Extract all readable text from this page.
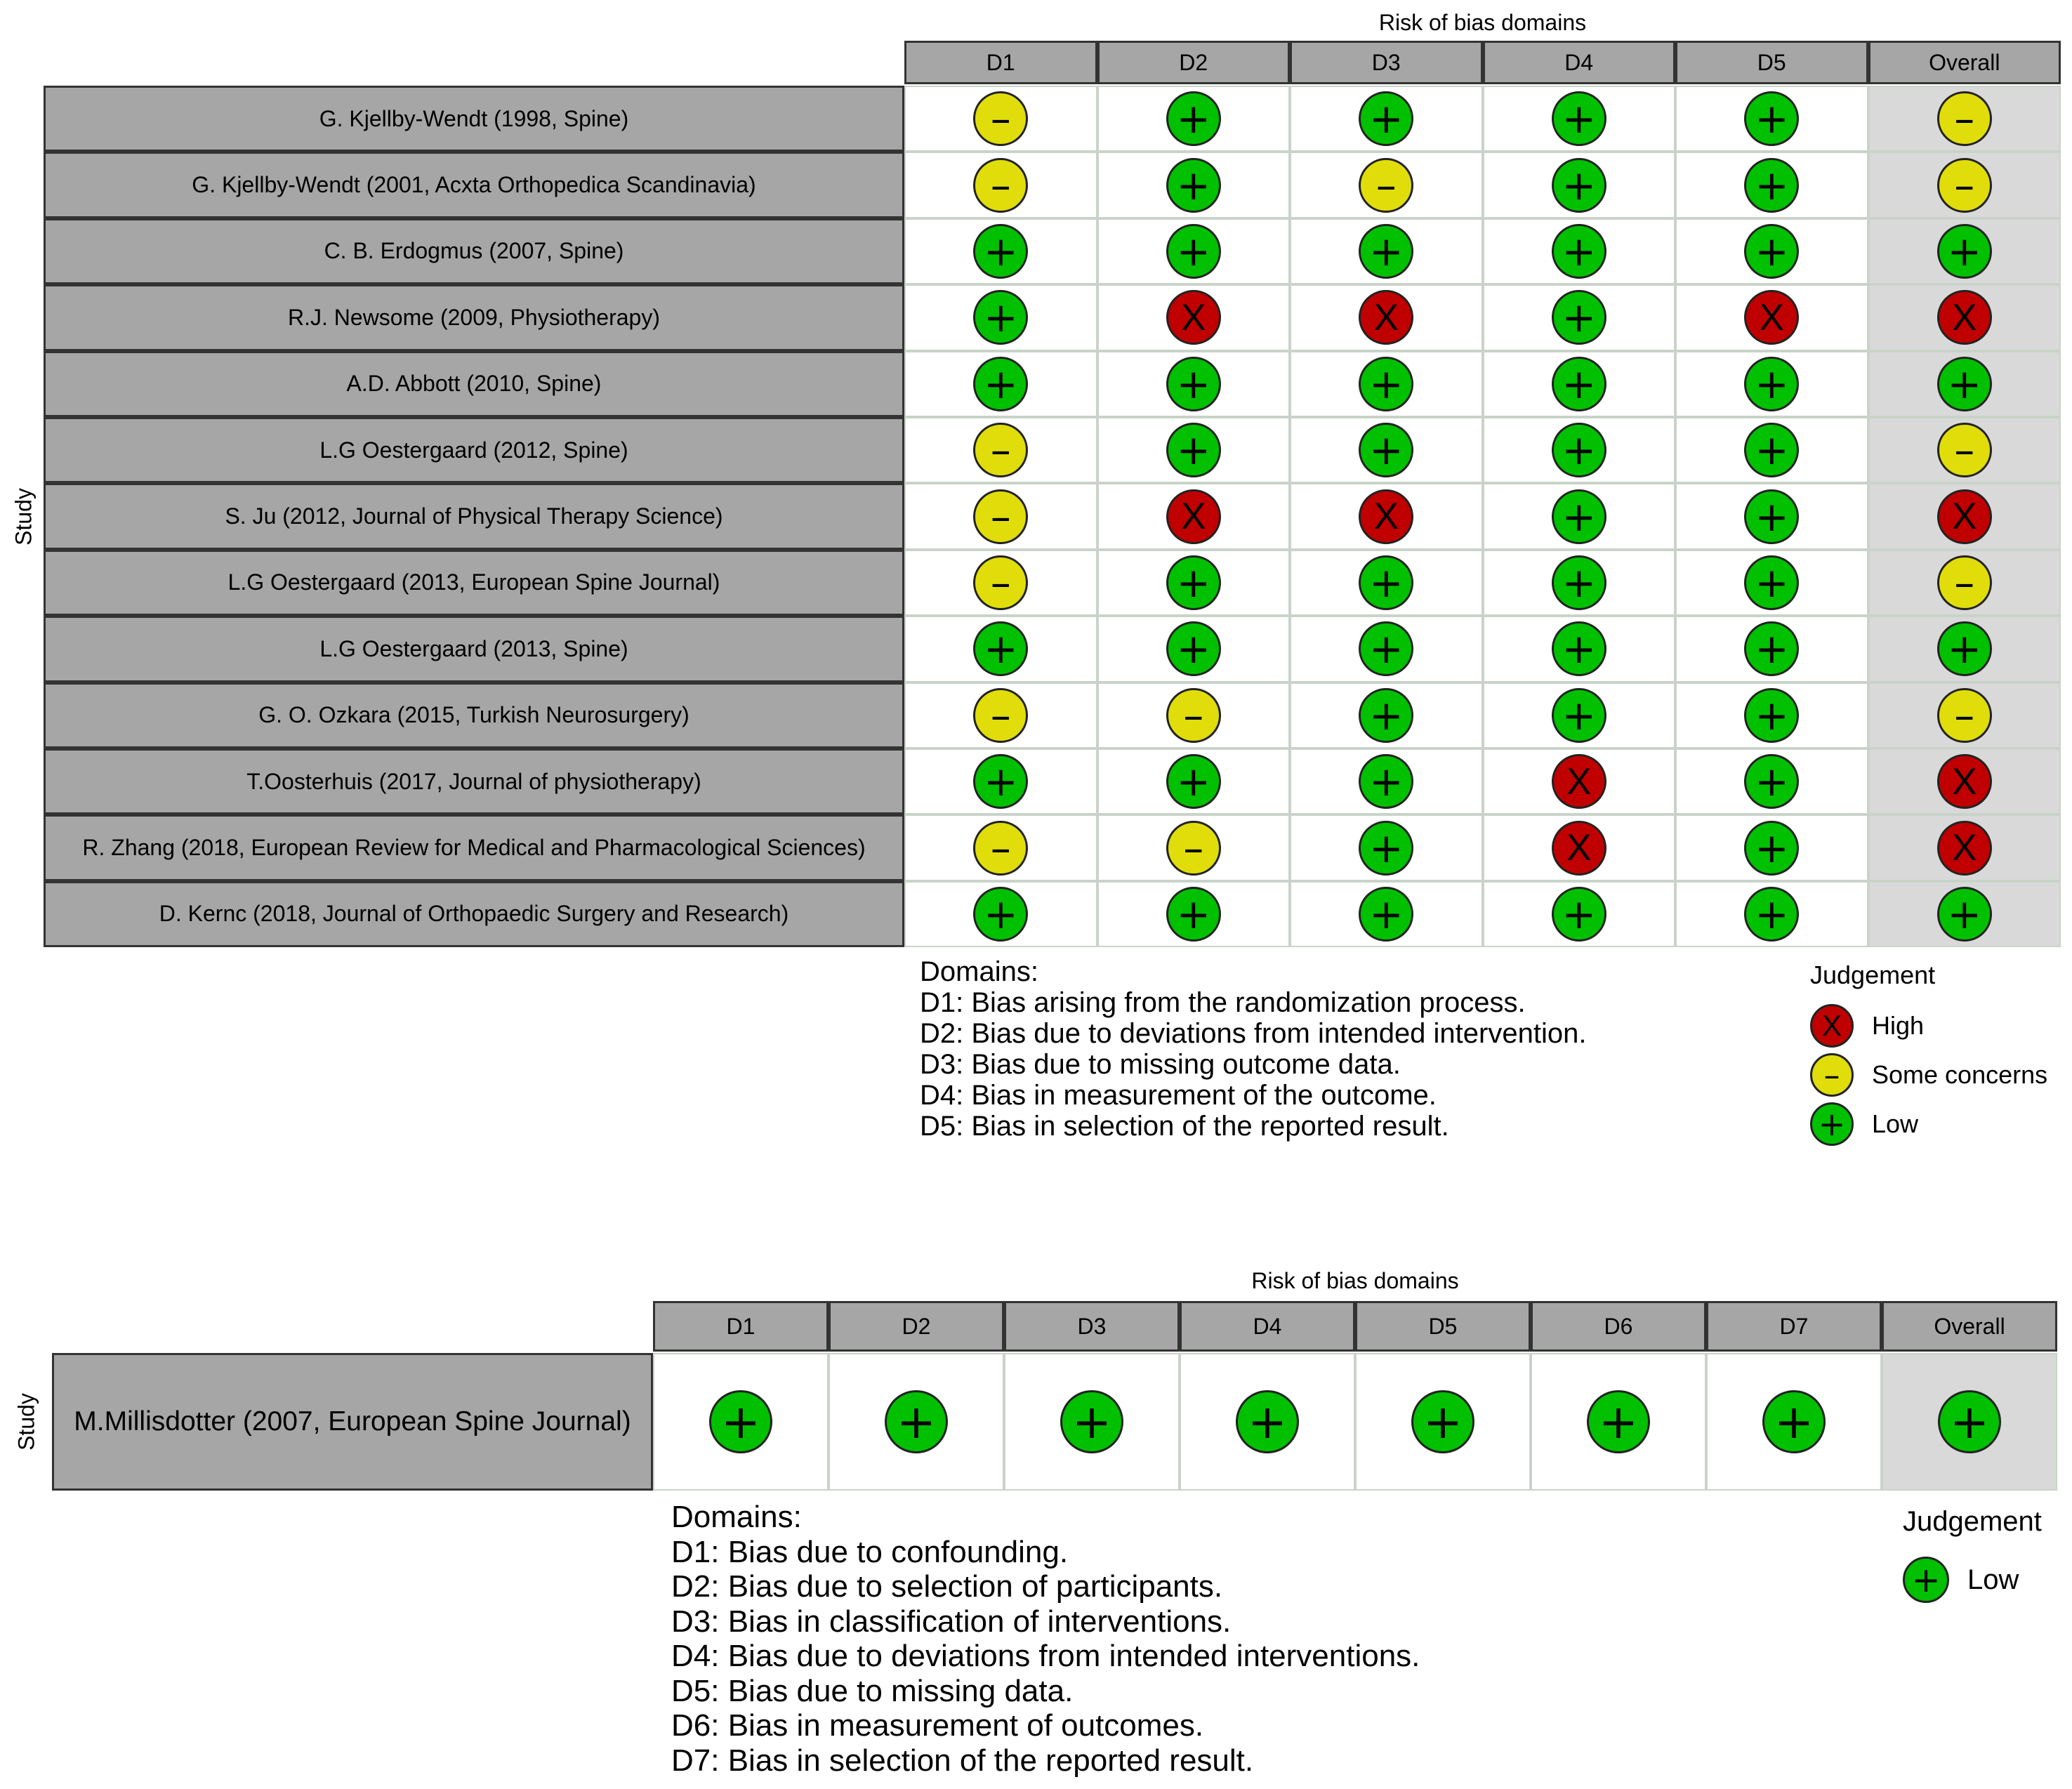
Risk of bias domains
D1	D2	D3	D4	D5	Overall
G. Kjellby-Wendt (1998, Spine)	–	+	+	+	+	–
G. Kjellby-Wendt (2001, Acxta Orthopedica Scandinavia)	–	+	–	+	+	–
C. B. Erdogmus (2007, Spine)	+	+	+	+	+	+
R.J. Newsome (2009, Physiotherapy)	+	X	X	+	X	X
A.D. Abbott (2010, Spine)	+	+	+	+	+	+
L.G Oestergaard (2012, Spine)	–	+	+	+	+	–
S. Ju (2012, Journal of Physical Therapy Science)	–	X	X	+	+	X
L.G Oestergaard (2013, European Spine Journal)	–	+	+	+	+	–
L.G Oestergaard (2013, Spine)	+	+	+	+	+	+
G. O. Ozkara (2015, Turkish Neurosurgery)	–	–	+	+	+	–
T.Oosterhuis (2017, Journal of physiotherapy)	+	+	+	X	+	X
R. Zhang (2018, European Review for Medical and Pharmacological Sciences)	–	–	+	X	+	X
D. Kernc (2018, Journal of Orthopaedic Surgery and Research)	+	+	+	+	+	+
Study
Domains:
D1: Bias arising from the randomization process.
D2: Bias due to deviations from intended intervention.
D3: Bias due to missing outcome data.
D4: Bias in measurement of the outcome.
D5: Bias in selection of the reported result.
Judgement
X	High
–	Some concerns
+	Low
Risk of bias domains
D1	D2	D3	D4	D5	D6	D7	Overall
M.Millisdotter (2007, European Spine Journal)	+	+	+	+	+	+	+	+
Study
Domains:
D1: Bias due to confounding.
D2: Bias due to selection of participants.
D3: Bias in classification of interventions.
D4: Bias due to deviations from intended interventions.
D5: Bias due to missing data.
D6: Bias in measurement of outcomes.
D7: Bias in selection of the reported result.
Judgement
+ Low
